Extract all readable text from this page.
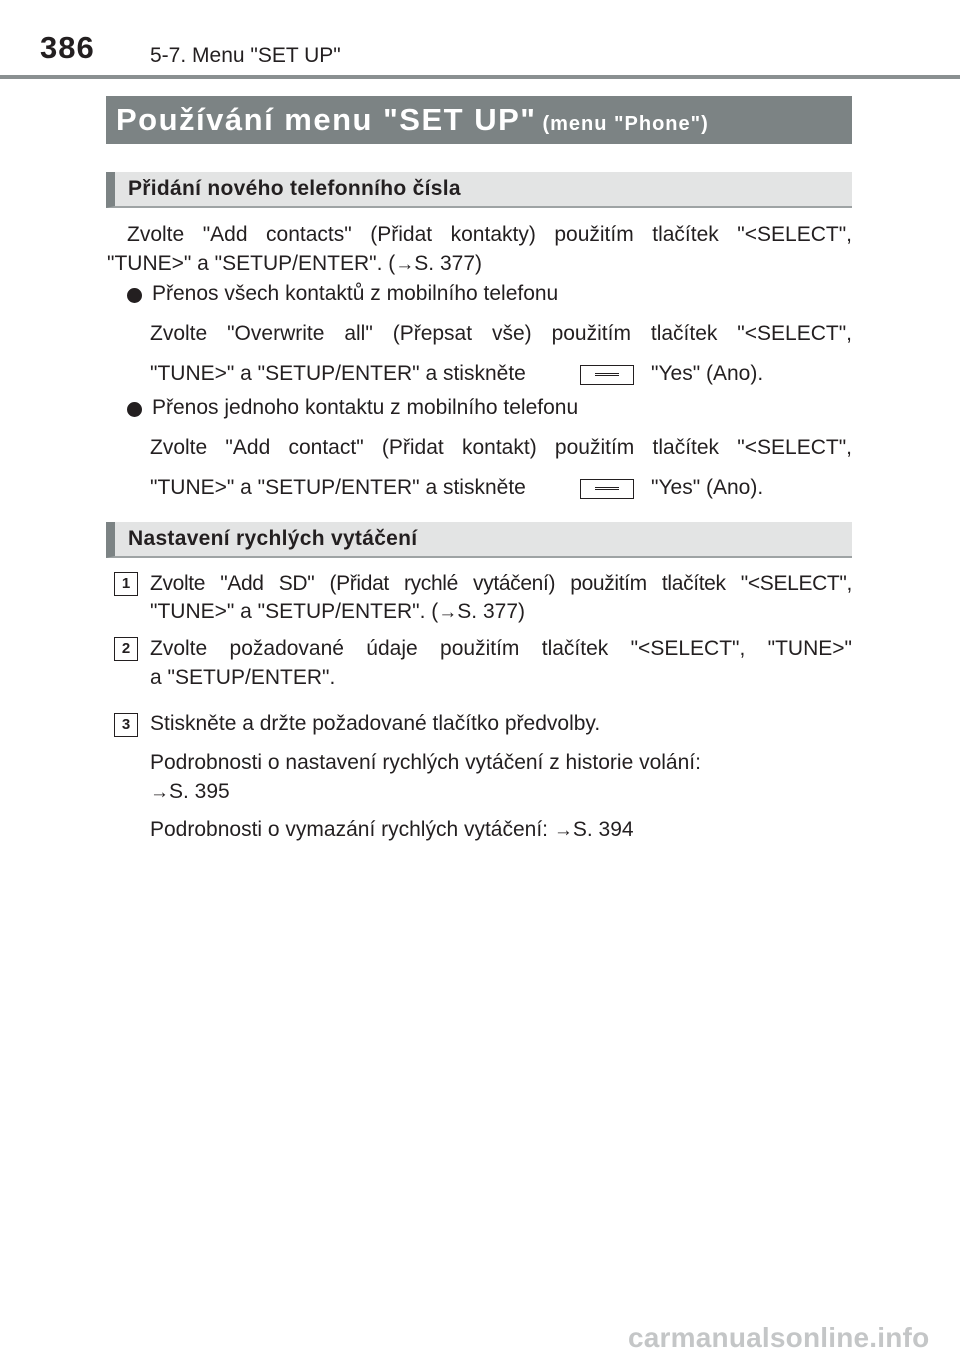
386	5-7. Menu "SET UP"
Používání menu "SET UP" (menu "Phone")
Přidání nového telefonního čísla
Zvolte "Add contacts" (Přidat kontakty) použitím tlačítek "<SELECT",
"TUNE>" a "SETUP/ENTER". (→S. 377)
Přenos všech kontaktů z mobilního telefonu
Zvolte "Overwrite all" (Přepsat vše) použitím tlačítek "<SELECT",
"TUNE>" a "SETUP/ENTER" a stiskněte	"Yes" (Ano).
Přenos jednoho kontaktu z mobilního telefonu
Zvolte "Add contact" (Přidat kontakt) použitím tlačítek "<SELECT",
"TUNE>" a "SETUP/ENTER" a stiskněte	"Yes" (Ano).
Nastavení rychlých vytáčení
1 Zvolte "Add SD" (Přidat rychlé vytáčení) použitím tlačítek "<SELECT",
"TUNE>" a "SETUP/ENTER". (→S. 377)
2 Zvolte požadované údaje použitím tlačítek "<SELECT", "TUNE>"
a "SETUP/ENTER".
3 Stiskněte a držte požadované tlačítko předvolby.
Podrobnosti o nastavení rychlých vytáčení z historie volání:
→S. 395
Podrobnosti o vymazání rychlých vytáčení: →S. 394
carmanualsonline.info
